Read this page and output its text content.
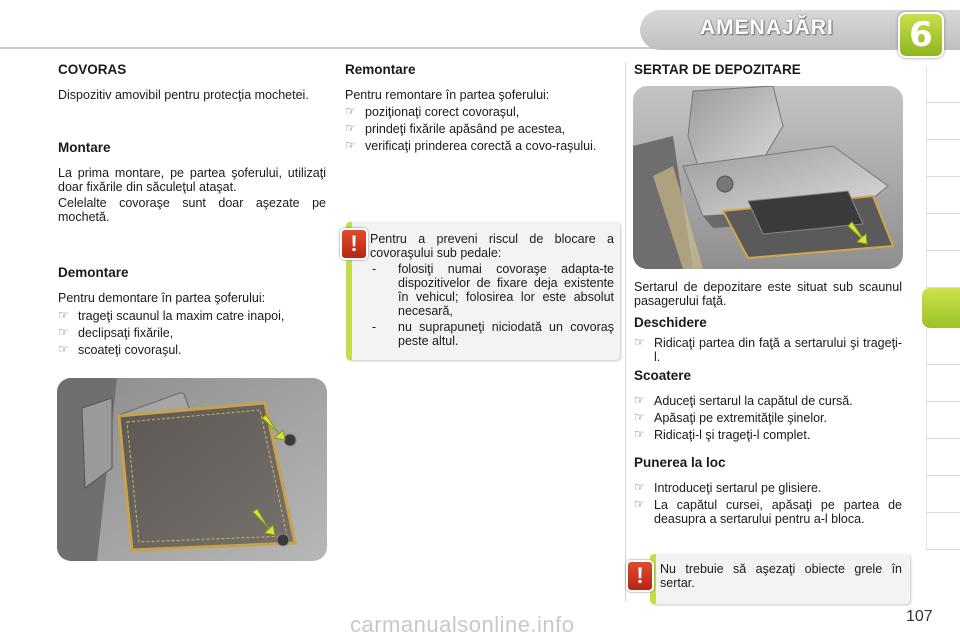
AMENAJĂRI	6
COVORAS
Dispozitiv amovibil pentru protecţia mochetei.
Montare
La prima montare, pe partea şoferului, utilizaţi doar fixările din săculeţul ataşat.
Celelalte covoraşe sunt doar aşezate pe mochetă.
Demontare
Pentru demontare în partea şoferului:
☞ trageţi scaunul la maxim catre inapoi,
☞ declipsaţi fixările,
☞ scoateţi covoraşul.
Remontare
Pentru remontare în partea şoferului:
☞ poziţionaţi corect covoraşul,
☞ prindeţi fixările apăsând pe acestea,
☞ verificaţi prinderea corectă a covo-raşului.
Pentru a preveni riscul de blocare a covoraşului sub pedale:
- folosiţi numai covoraşe adapta-te dispozitivelor de fixare deja existente în vehicul; folosirea lor este absolut necesară,
- nu suprapuneţi niciodată un covoraş peste altul.
!
SERTAR DE DEPOZITARE
Sertarul de depozitare este situat sub scaunul pasagerului faţă.
Deschidere
☞ Ridicaţi partea din faţă a sertarului şi trageţi-l.
Scoatere
☞ Aduceţi sertarul la capătul de cursă.
☞ Apăsaţi pe extremităţile şinelor.
☞ Ridicaţi-l şi trageţi-l complet.
Punerea la loc
☞ Introduceţi sertarul pe glisiere.
☞ La capătul cursei, apăsaţi pe partea de deasupra a sertarului pentru a-l bloca.
Nu trebuie să aşezaţi obiecte grele în sertar.
!
carmanualsonline.info	107
